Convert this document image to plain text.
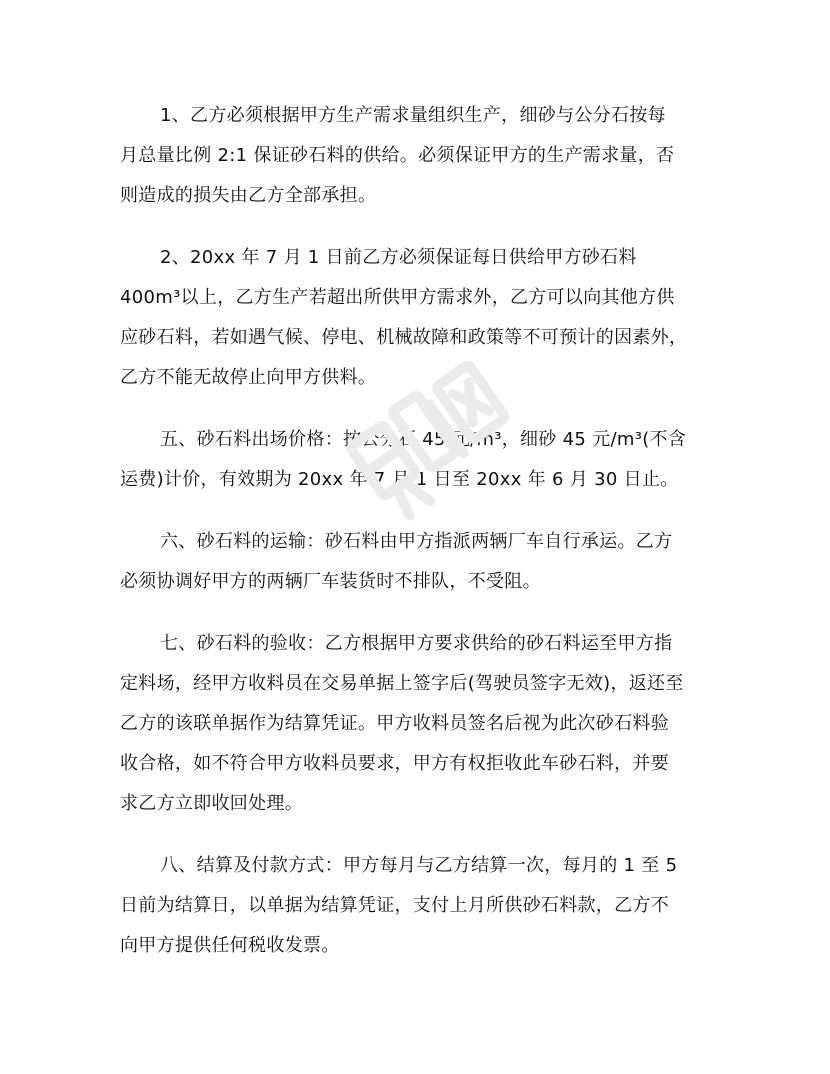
1、乙方必须根据甲方生产需求量组织生产，细砂与公分石按每
月总量比例 2:1 保证砂石料的供给。必须保证甲方的生产需求量，否
则造成的损失由乙方全部承担。
2、20xx 年 7 月 1 日前乙方必须保证每日供给甲方砂石料
400m³以上，乙方生产若超出所供甲方需求外，乙方可以向其他方供
应砂石料，若如遇气候、停电、机械故障和政策等不可预计的因素外，
乙方不能无故停止向甲方供料。
五、砂石料出场价格：按公分石 45 元/m³，细砂 45 元/m³(不含
运费)计价，有效期为 20xx 年 7 月 1 日至 20xx 年 6 月 30 日止。
六、砂石料的运输：砂石料由甲方指派两辆厂车自行承运。乙方
必须协调好甲方的两辆厂车装货时不排队，不受阻。
七、砂石料的验收：乙方根据甲方要求供给的砂石料运至甲方指
定料场，经甲方收料员在交易单据上签字后(驾驶员签字无效)，返还至
乙方的该联单据作为结算凭证。甲方收料员签名后视为此次砂石料验
收合格，如不符合甲方收料员要求，甲方有权拒收此车砂石料，并要
求乙方立即收回处理。
八、结算及付款方式：甲方每月与乙方结算一次，每月的 1 至 5
日前为结算日，以单据为结算凭证，支付上月所供砂石料款，乙方不
向甲方提供任何税收发票。
